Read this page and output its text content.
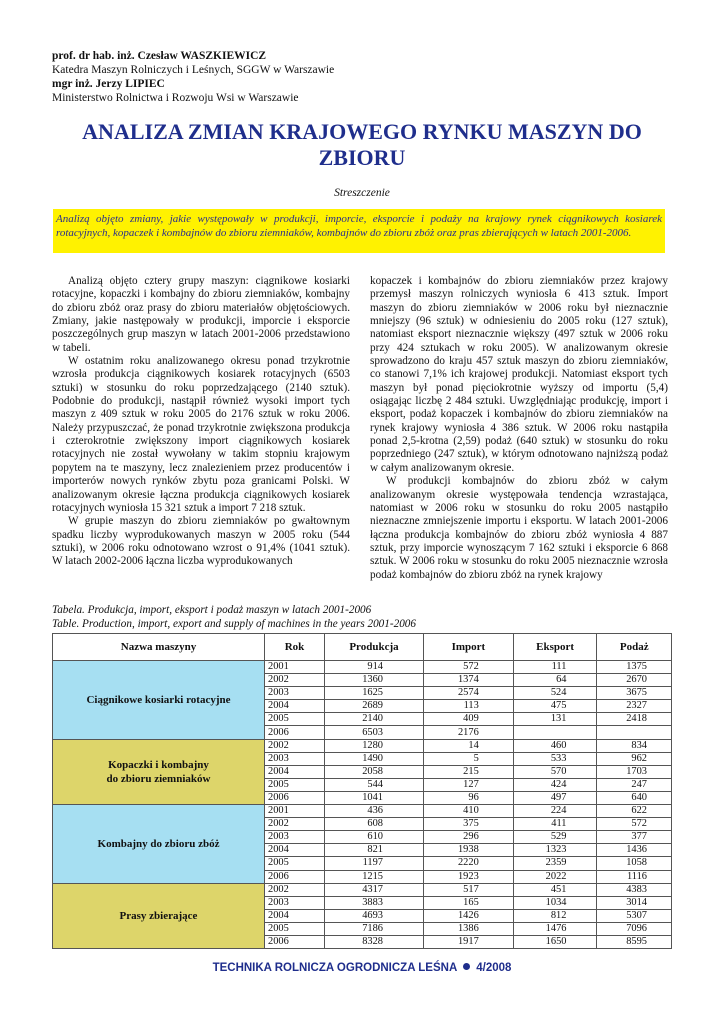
prof. dr hab. inż. Czesław WASZKIEWICZ
Katedra Maszyn Rolniczych i Leśnych, SGGW w Warszawie
mgr inż. Jerzy LIPIEC
Ministerstwo Rolnictwa i Rozwoju Wsi w Warszawie
ANALIZA ZMIAN KRAJOWEGO RYNKU MASZYN DO ZBIORU
Streszczenie
Analizą objęto zmiany, jakie występowały w produkcji, imporcie, eksporcie i podaży na krajowy rynek ciągnikowych kosiarek rotacyjnych, kopaczek i kombajnów do zbioru ziemniaków, kombajnów do zbioru zbóż oraz pras zbierających w latach 2001-2006.

Analizą objęto cztery grupy maszyn: ciągnikowe kosiarki rotacyjne, kopaczki i kombajny do zbioru ziemniaków, kombajny do zbioru zbóż oraz prasy do zbioru materiałów objętościowych. Zmiany, jakie następowały w produkcji, imporcie i eksporcie poszczególnych grup maszyn w latach 2001-2006 przedstawiono w tabeli.

W ostatnim roku analizowanego okresu ponad trzykrotnie wzrosła produkcja ciągnikowych kosiarek rotacyjnych (6503 sztuki) w stosunku do roku poprzedzającego (2140 sztuk). Podobnie do produkcji, nastąpił również wysoki import tych maszyn z 409 sztuk w roku 2005 do 2176 sztuk w roku 2006. Należy przypuszczać, że ponad trzykrotnie zwiększona produkcja i czterokrotnie zwiększony import ciągnikowych kosiarek rotacyjnych nie został wywołany w takim stopniu krajowym popytem na te maszyny, lecz znalezieniem przez producentów i importerów nowych rynków zbytu poza granicami Polski. W analizowanym okresie łączna produkcja ciągnikowych kosiarek rotacyjnych wyniosła 15 321 sztuk a import 7 218 sztuk.

W grupie maszyn do zbioru ziemniaków po gwałtownym spadku liczby wyprodukowanych maszyn w 2005 roku (544 sztuki), w 2006 roku odnotowano wzrost o 91,4% (1041 sztuk). W latach 2002-2006 łączna liczba wyprodukowanych

kopaczek i kombajnów do zbioru ziemniaków przez krajowy przemysł maszyn rolniczych wyniosła 6 413 sztuk. Import maszyn do zbioru ziemniaków w 2006 roku był nieznacznie mniejszy (96 sztuk) w odniesieniu do 2005 roku (127 sztuk), natomiast eksport nieznacznie większy (497 sztuk w 2006 roku przy 424 sztukach w roku 2005). W analizowanym okresie sprowadzono do kraju 457 sztuk maszyn do zbioru ziemniaków, co stanowi 7,1% ich krajowej produkcji. Natomiast eksport tych maszyn był ponad pięciokrotnie wyższy od importu (5,4) osiągając liczbę 2 484 sztuki. Uwzględniając produkcję, import i eksport, podaż kopaczek i kombajnów do zbioru ziemniaków na rynek krajowy wyniosła 4 386 sztuk. W 2006 roku nastąpiła ponad 2,5-krotna (2,59) podaż (640 sztuk) w stosunku do roku poprzedniego (247 sztuk), w którym odnotowano najniższą podaż w całym analizowanym okresie.

W produkcji kombajnów do zbioru zbóż w całym analizowanym okresie występowała tendencja wzrastająca, natomiast w 2006 roku w stosunku do roku 2005 nastąpiło nieznaczne zmniejszenie importu i eksportu. W latach 2001-2006 łączna produkcja kombajnów do zbioru zbóż wyniosła 4 887 sztuk, przy imporcie wynoszącym 7 162 sztuki i eksporcie 6 868 sztuk. W 2006 roku w stosunku do roku 2005 nieznacznie wzrosła podaż kombajnów do zbioru zbóż na rynek krajowy

Tabela. Produkcja, import, eksport i podaż maszyn w latach 2001-2006
Table. Production, import, export and supply of machines in the years 2001-2006
Nazwa maszyny	Rok	Produkcja	Import	Eksport	Podaż
Ciągnikowe kosiarki rotacyjne	2001	914	572	111	1375
	2002	1360	1374	64	2670
	2003	1625	2574	524	3675
	2004	2689	113	475	2327
	2005	2140	409	131	2418
	2006	6503	2176		
Kopaczki i kombajny
do zbioru ziemniaków	2002	1280	14	460	834
	2003	1490	5	533	962
	2004	2058	215	570	1703
	2005	544	127	424	247
	2006	1041	96	497	640
Kombajny do zbioru zbóż	2001	436	410	224	622
	2002	608	375	411	572
	2003	610	296	529	377
	2004	821	1938	1323	1436
	2005	1197	2220	2359	1058
	2006	1215	1923	2022	1116
Prasy zbierające	2002	4317	517	451	4383
	2003	3883	165	1034	3014
	2004	4693	1426	812	5307
	2005	7186	1386	1476	7096
	2006	8328	1917	1650	8595
TECHNIKA ROLNICZA OGRODNICZA LEŚNA 4/2008
